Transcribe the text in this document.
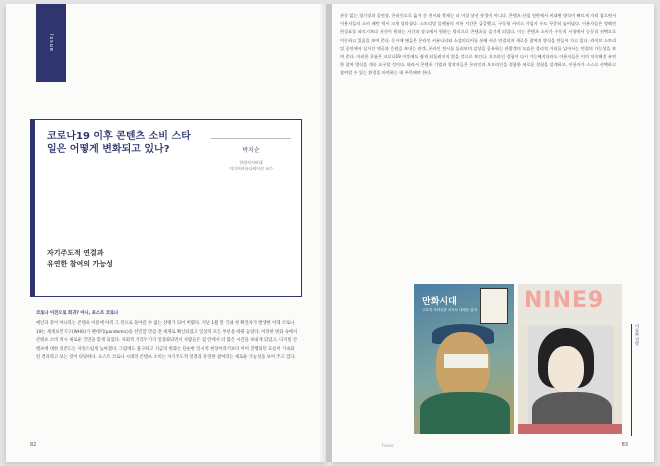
Issue
코로나19 이후 콘텐츠 소비 스타일은 어떻게 변화되고 있나?
자기주도적 연결과
유연한 참여의 가능성
박지순
한양사이버대
미디어커뮤니케이션 교수
코로나 이전으로 회귀? 아니, 포스트 코로나
예년과 같이 아니라는 콘텐츠 이용에 아직 그 전으로 돌아갈 수 없는 상태가 되어 버렸다. 지난 1월 말 국내 첫 확진자가 발생한 이래 코로나19는 세계보건기구(WHO)가 팬데믹(pandemic)을 선언할 만큼 전 세계로 확산되었고 일상의 모든 부분을 바꿔 놓았다. 이러한 변화 속에서 콘텐츠 소비 역시 새로운 국면을 맞게 되었다. 사회적 거리두기가 일상화되면서 사람들은 집 안에서 더 많은 시간을 보내게 되었고, 디지털 콘텐츠에 대한 의존도는 자연스럽게 높아졌다. 그럼에도 불구하고 지금의 변화는 단순한 일시적 현상이라기보다 이미 진행되던 흐름이 가속화된 결과라고 보는 것이 타당하다. 포스트 코로나 시대의 콘텐츠 소비는 자기주도적 연결과 유연한 참여라는 새로운 가능성을 보여 주고 있다.
82
관중 없는 경기장과 공연장, 온라인으로 옮겨 간 전시와 축제는 더 이상 낯선 풍경이 아니다. 콘텐츠 산업 전반에서 비대면 방식이 빠르게 자리 잡으면서 이용자들의 소비 패턴 역시 크게 달라졌다. 스트리밍 플랫폼의 이용 시간은 급증했고, 구독형 서비스 가입자 수도 꾸준히 늘어났다. 이용자들은 정해진 편성표를 따르기보다 자신이 원하는 시간과 장소에서 원하는 방식으로 콘텐츠를 즐기게 되었다. 이는 콘텐츠 소비가 수동적 시청에서 능동적 선택으로 이동하고 있음을 보여 준다. 동시에 팬들은 온라인 커뮤니티와 소셜미디어를 통해 서로 연결되며 새로운 참여의 방식을 만들어 가고 있다. 라이브 스트리밍 공연에서 실시간 댓글과 응원을 보내는 관객, 온라인 전시를 둘러보며 감상을 공유하는 관람객의 모습은 물리적 거리를 넘어서는 연결의 가능성을 보여 준다. 이러한 흐름은 코로나19 이후에도 쉽게 되돌려지지 않을 것으로 보인다. 오프라인 경험이 다시 가능해지더라도 이용자들은 이미 익숙해진 유연한 참여 방식을 계속 요구할 것이다. 따라서 콘텐츠 기업과 창작자들은 온라인과 오프라인을 결합한 새로운 경험을 설계하고, 이용자가 스스로 선택하고 참여할 수 있는 환경을 마련하는 데 주목해야 한다.
만화시대
고흐의 자화상을 표지로 내세운 잡지	NINE9
이슈와 전망
Focus	83
